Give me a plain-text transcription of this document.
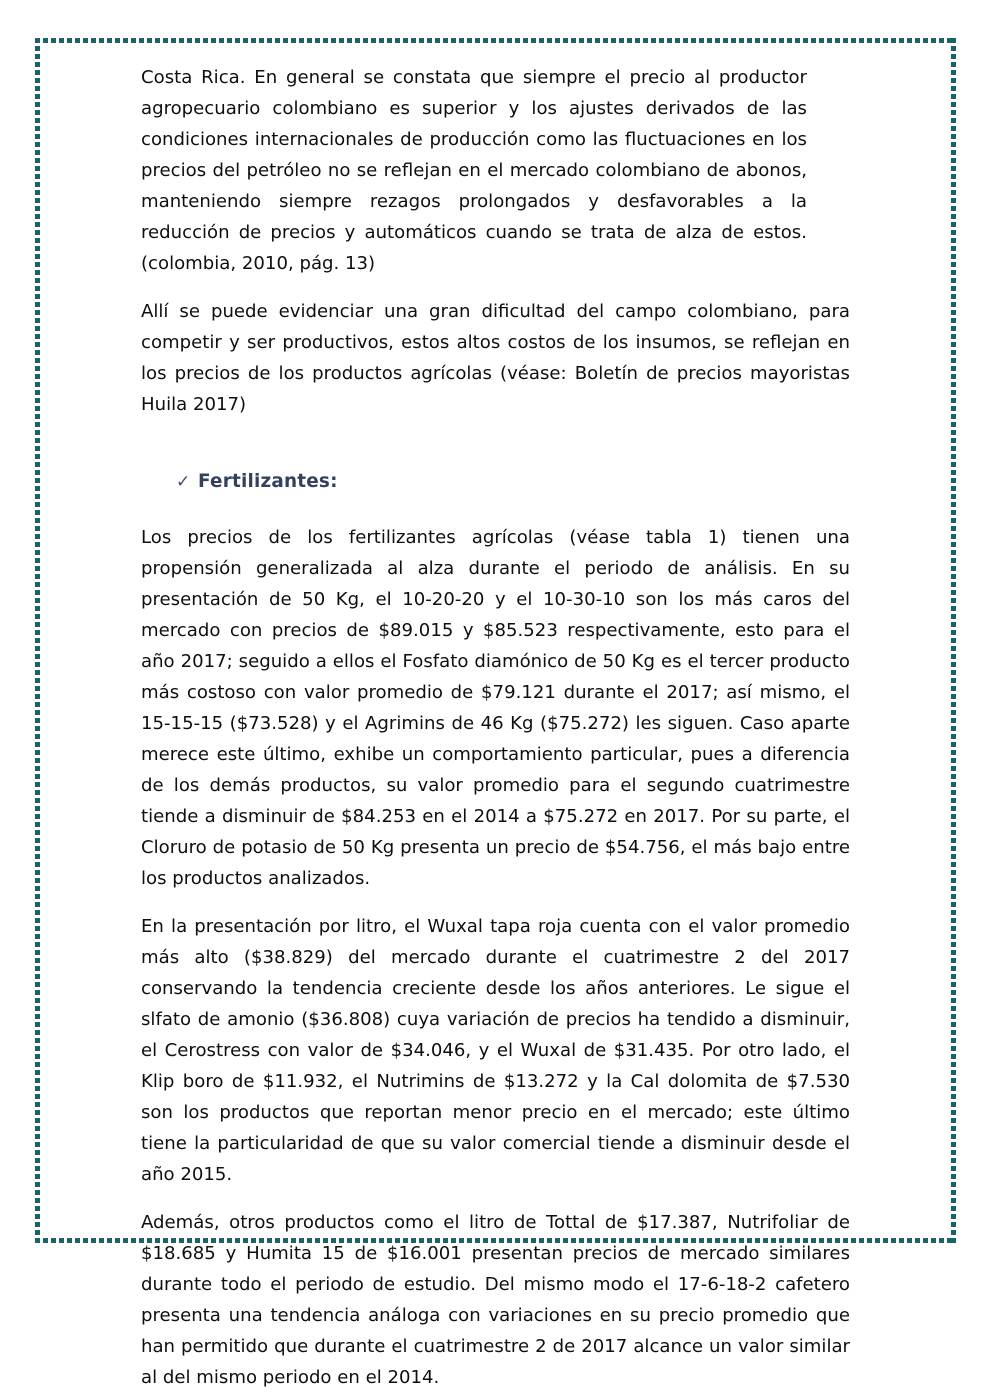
Costa Rica. En general se constata que siempre el precio al productor agropecuario colombiano es superior y los ajustes derivados de las condiciones internacionales de producción como las fluctuaciones en los precios del petróleo no se reflejan en el mercado colombiano de abonos, manteniendo siempre rezagos prolongados y desfavorables a la reducción de precios y automáticos cuando se trata de alza de estos. (colombia, 2010, pág. 13)

Allí se puede evidenciar una gran dificultad del campo colombiano, para competir y ser productivos, estos altos costos de los insumos, se reflejan en los precios de los productos agrícolas (véase: Boletín de precios mayoristas Huila 2017)

✓ Fertilizantes:

Los precios de los fertilizantes agrícolas (véase tabla 1) tienen una propensión generalizada al alza durante el periodo de análisis. En su presentación de 50 Kg, el 10-20-20 y el 10-30-10 son los más caros del mercado con precios de $89.015 y $85.523 respectivamente, esto para el año 2017; seguido a ellos el Fosfato diamónico de 50 Kg es el tercer producto más costoso con valor promedio de $79.121 durante el 2017; así mismo, el 15-15-15 ($73.528) y el Agrimins de 46 Kg ($75.272) les siguen. Caso aparte merece este último, exhibe un comportamiento particular, pues a diferencia de los demás productos, su valor promedio para el segundo cuatrimestre tiende a disminuir de $84.253 en el 2014 a $75.272 en 2017. Por su parte, el Cloruro de potasio de 50 Kg presenta un precio de $54.756, el más bajo entre los productos analizados.

En la presentación por litro, el Wuxal tapa roja cuenta con el valor promedio más alto ($38.829) del mercado durante el cuatrimestre 2 del 2017 conservando la tendencia creciente desde los años anteriores. Le sigue el slfato de amonio ($36.808) cuya variación de precios ha tendido a disminuir, el Cerostress con valor de $34.046, y el Wuxal de $31.435. Por otro lado, el Klip boro de $11.932, el Nutrimins de $13.272 y la Cal dolomita de $7.530 son los productos que reportan menor precio en el mercado; este último tiene la particularidad de que su valor comercial tiende a disminuir desde el año 2015.

Además, otros productos como el litro de Tottal de $17.387, Nutrifoliar de $18.685 y Humita 15 de $16.001 presentan precios de mercado similares durante todo el periodo de estudio. Del mismo modo el 17-6-18-2 cafetero presenta una tendencia análoga con variaciones en su precio promedio que han permitido que durante el cuatrimestre 2 de 2017 alcance un valor similar al del mismo periodo en el 2014.
